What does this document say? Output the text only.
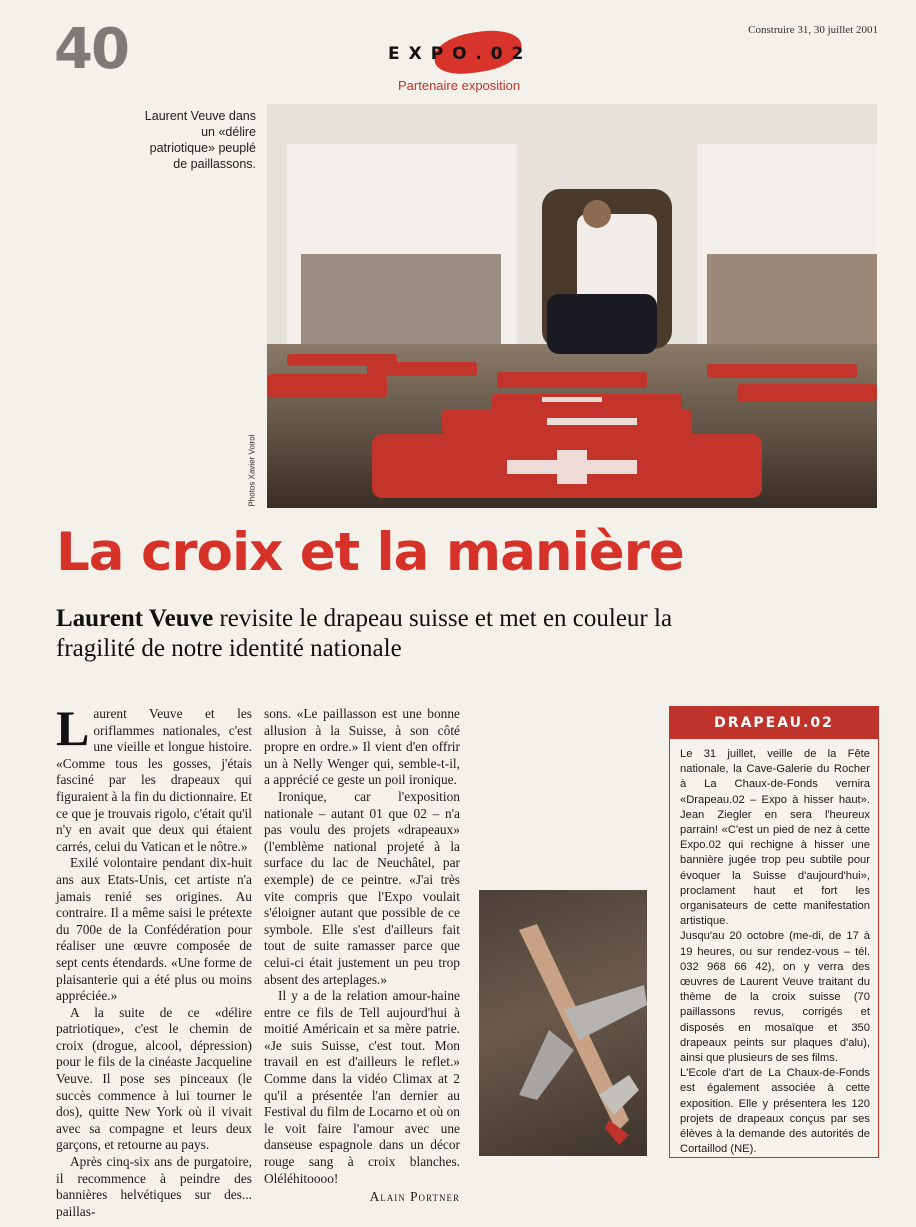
40	Construire 31, 30 juillet 2001
EXPO.02
Partenaire exposition
Laurent Veuve dans un «délire patriotique» peuplé de paillassons.
Photos Xavier Voirol
La croix et la manière
Laurent Veuve revisite le drapeau suisse et met en couleur la fragilité de notre identité nationale

Laurent Veuve et les oriflammes nationales, c'est une vieille et longue histoire. «Comme tous les gosses, j'étais fasciné par les drapeaux qui figuraient à la fin du dictionnaire. Et ce que je trouvais rigolo, c'était qu'il n'y en avait que deux qui étaient carrés, celui du Vatican et le nôtre.»

Exilé volontaire pendant dix-huit ans aux Etats-Unis, cet artiste n'a jamais renié ses origines. Au contraire. Il a même saisi le prétexte du 700e de la Confédération pour réaliser une œuvre composée de sept cents étendards. «Une forme de plaisanterie qui a été plus ou moins appréciée.»

A la suite de ce «délire patriotique», c'est le chemin de croix (drogue, alcool, dépression) pour le fils de la cinéaste Jacqueline Veuve. Il pose ses pinceaux (le succès commence à lui tourner le dos), quitte New York où il vivait avec sa compagne et leurs deux garçons, et retourne au pays.

Après cinq-six ans de purgatoire, il recommence à peindre des bannières helvétiques sur des... paillas-

sons. «Le paillasson est une bonne allusion à la Suisse, à son côté propre en ordre.» Il vient d'en offrir un à Nelly Wenger qui, semble-t-il, a apprécié ce geste un poil ironique.

Ironique, car l'exposition nationale – autant 01 que 02 – n'a pas voulu des projets «drapeaux» (l'emblème national projeté à la surface du lac de Neuchâtel, par exemple) de ce peintre. «J'ai très vite compris que l'Expo voulait s'éloigner autant que possible de ce symbole. Elle s'est d'ailleurs fait tout de suite ramasser parce que celui-ci était justement un peu trop absent des arteplages.»

Il y a de la relation amour-haine entre ce fils de Tell aujourd'hui à moitié Américain et sa mère patrie. «Je suis Suisse, c'est tout. Mon travail en est d'ailleurs le reflet.» Comme dans la vidéo Climax at 2 qu'il a présentée l'an dernier au Festival du film de Locarno et où on le voit faire l'amour avec une danseuse espagnole dans un décor rouge sang à croix blanches. Oléléhitoooo!

Alain Portner
DRAPEAU.02

Le 31 juillet, veille de la Fête nationale, la Cave-Galerie du Rocher à La Chaux-de-Fonds vernira «Drapeau.02 – Expo à hisser haut». Jean Ziegler en sera l'heureux parrain! «C'est un pied de nez à cette Expo.02 qui rechigne à hisser une bannière jugée trop peu subtile pour évoquer la Suisse d'aujourd'hui», proclament haut et fort les organisateurs de cette manifestation artistique.

Jusqu'au 20 octobre (me-di, de 17 à 19 heures, ou sur rendez-vous – tél. 032 968 66 42), on y verra des œuvres de Laurent Veuve traitant du thème de la croix suisse (70 paillassons revus, corrigés et disposés en mosaïque et 350 drapeaux peints sur plaques d'alu), ainsi que plusieurs de ses films.

L'Ecole d'art de La Chaux-de-Fonds est également associée à cette exposition. Elle y présentera les 120 projets de drapeaux conçus par ses élèves à la demande des autorités de Cortaillod (NE).
